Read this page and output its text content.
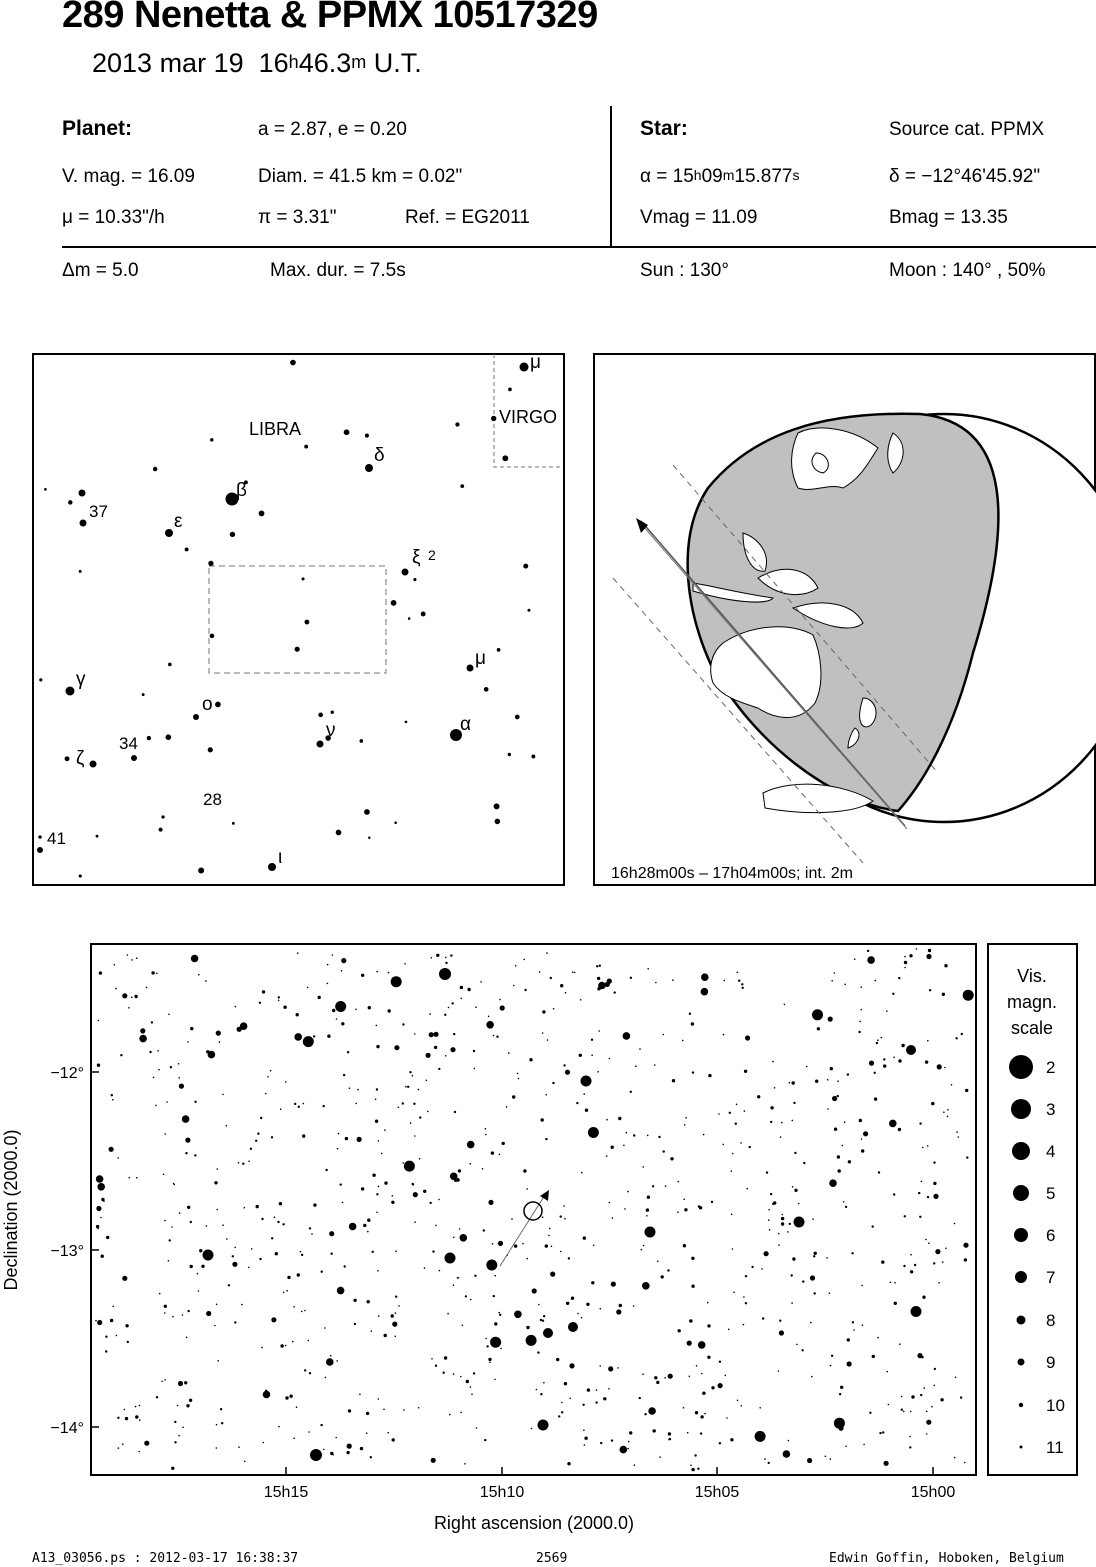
289 Nenetta & PPMX 10517329
2013 mar 19 16$^h$46.3$^m$ U.T.
Planet:	a = 2.87, e = 0.20
V. mag. = 16.09	Diam. = 41.5 km = 0.02"
μ = 10.33"/h	π = 3.31"	Ref. = EG2011
Star:	Source cat. PPMX
$\alpha = 15^h09^m15.877^s$	δ = −12°46'45.92"
Vmag = 11.09	Bmag = 13.35
Δm = 5.0	Max. dur. = 7.5s	Sun : 130°	Moon : 140° , 50%
LIBRA
VIRGO
μ
δ
β
ε
ξ
μ
γ
o
ν	α
ζ
ι
2
37
34
28
41
16h28m00s – 17h04m00s; int. 2m
−12°
−13°
−14°
15h15	15h10	15h05	15h00
Right ascension (2000.0)
Declination (2000.0)
Vis.
magn.
scale
2
3
4
5
6
7
8
9
10
11
A13_03056.ps : 2012-03-17 16:38:37	2569	Edwin Goffin, Hoboken, Belgium
